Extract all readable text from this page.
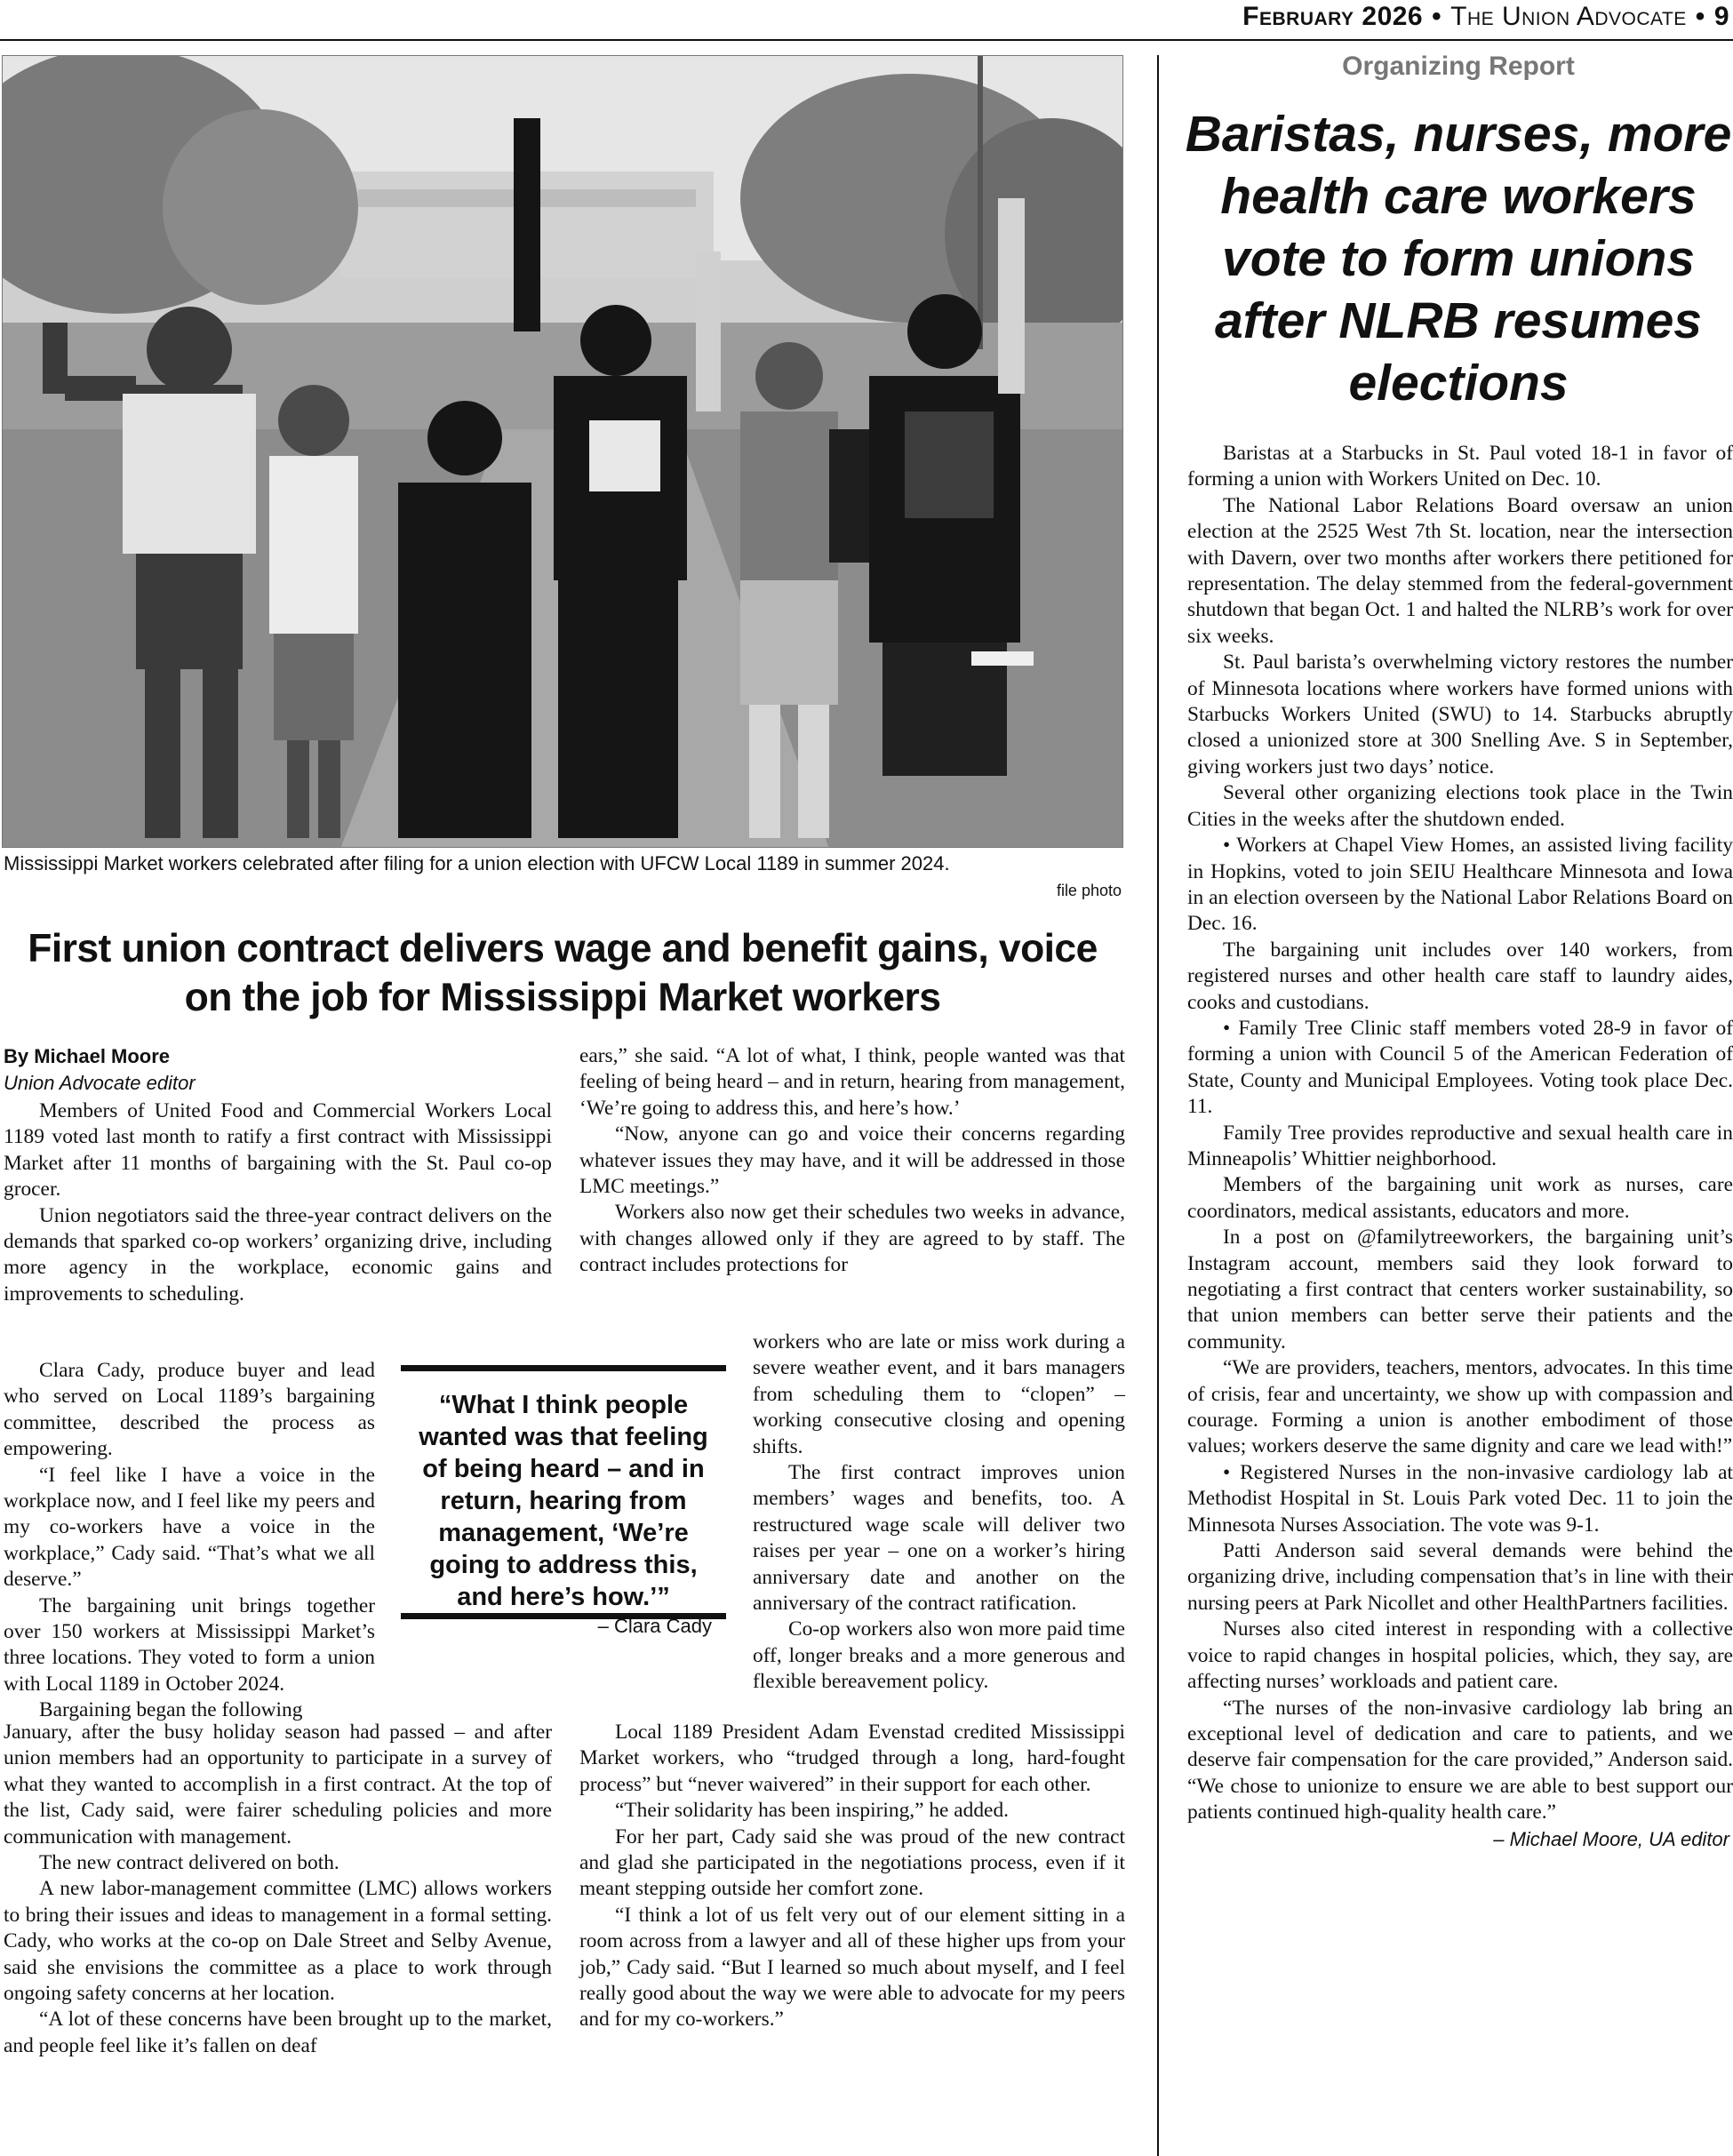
February 2026 • The Union Advocate • 9
Mississippi Market workers celebrated after filing for a union election with UFCW Local 1189 in summer 2024.
file photo
First union contract delivers wage and benefit gains, voice on the job for Mississippi Market workers
By Michael Moore
Union Advocate editor

Members of United Food and Commercial Workers Local 1189 voted last month to ratify a first contract with Mississippi Market after 11 months of bargaining with the St. Paul co-op grocer.

Union negotiators said the three-year contract delivers on the demands that sparked co-op workers’ organizing drive, including more agency in the workplace, economic gains and improvements to scheduling.

Clara Cady, produce buyer and lead who served on Local 1189’s bargaining committee, described the process as empowering.

“I feel like I have a voice in the workplace now, and I feel like my peers and my co-workers have a voice in the workplace,” Cady said. “That’s what we all deserve.”

The bargaining unit brings together over 150 workers at Mississippi Market’s three locations. They voted to form a union with Local 1189 in October 2024.

Bargaining began the following

January, after the busy holiday season had passed – and after union members had an opportunity to participate in a survey of what they wanted to accomplish in a first contract. At the top of the list, Cady said, were fairer scheduling policies and more communication with management.

The new contract delivered on both.

A new labor-management committee (LMC) allows workers to bring their issues and ideas to management in a formal setting. Cady, who works at the co-op on Dale Street and Selby Avenue, said she envisions the committee as a place to work through ongoing safety concerns at her location.

“A lot of these concerns have been brought up to the market, and people feel like it’s fallen on deaf

“What I think people wanted was that feeling of being heard – and in return, hearing from management, ‘We’re going to address this, and here’s how.’”
– Clara Cady

ears,” she said. “A lot of what, I think, people wanted was that feeling of being heard – and in return, hearing from management, ‘We’re going to address this, and here’s how.’

“Now, anyone can go and voice their concerns regarding whatever issues they may have, and it will be addressed in those LMC meetings.”

Workers also now get their schedules two weeks in advance, with changes allowed only if they are agreed to by staff. The contract includes protections for

workers who are late or miss work during a severe weather event, and it bars managers from scheduling them to “clopen” – working consecutive closing and opening shifts.

The first contract improves union members’ wages and benefits, too. A restructured wage scale will deliver two raises per year – one on a worker’s hiring anniversary date and another on the anniversary of the contract ratification.

Co-op workers also won more paid time off, longer breaks and a more generous and flexible bereavement policy.

Local 1189 President Adam Evenstad credited Mississippi Market workers, who “trudged through a long, hard-fought process” but “never waivered” in their support for each other.

“Their solidarity has been inspiring,” he added.

For her part, Cady said she was proud of the new contract and glad she participated in the negotiations process, even if it meant stepping outside her comfort zone.

“I think a lot of us felt very out of our element sitting in a room across from a lawyer and all of these higher ups from your job,” Cady said. “But I learned so much about myself, and I feel really good about the way we were able to advocate for my peers and for my co-workers.”

Organizing Report
Baristas, nurses, more health care workers vote to form unions after NLRB resumes elections

Baristas at a Starbucks in St. Paul voted 18-1 in favor of forming a union with Workers United on Dec. 10.

The National Labor Relations Board oversaw an union election at the 2525 West 7th St. location, near the intersection with Davern, over two months after workers there petitioned for representation. The delay stemmed from the federal-government shutdown that began Oct. 1 and halted the NLRB’s work for over six weeks.

St. Paul barista’s overwhelming victory restores the number of Minnesota locations where workers have formed unions with Starbucks Workers United (SWU) to 14. Starbucks abruptly closed a unionized store at 300 Snelling Ave. S in September, giving workers just two days’ notice.

Several other organizing elections took place in the Twin Cities in the weeks after the shutdown ended.

• Workers at Chapel View Homes, an assisted living facility in Hopkins, voted to join SEIU Healthcare Minnesota and Iowa in an election overseen by the National Labor Relations Board on Dec. 16.

The bargaining unit includes over 140 workers, from registered nurses and other health care staff to laundry aides, cooks and custodians.

• Family Tree Clinic staff members voted 28-9 in favor of forming a union with Council 5 of the American Federation of State, County and Municipal Employees. Voting took place Dec. 11.

Family Tree provides reproductive and sexual health care in Minneapolis’ Whittier neighborhood.

Members of the bargaining unit work as nurses, care coordinators, medical assistants, educators and more.

In a post on @familytreeworkers, the bargaining unit’s Instagram account, members said they look forward to negotiating a first contract that centers worker sustainability, so that union members can better serve their patients and the community.

“We are providers, teachers, mentors, advocates. In this time of crisis, fear and uncertainty, we show up with compassion and courage. Forming a union is another embodiment of those values; workers deserve the same dignity and care we lead with!”

• Registered Nurses in the non-invasive cardiology lab at Methodist Hospital in St. Louis Park voted Dec. 11 to join the Minnesota Nurses Association. The vote was 9-1.

Patti Anderson said several demands were behind the organizing drive, including compensation that’s in line with their nursing peers at Park Nicollet and other HealthPartners facilities.

Nurses also cited interest in responding with a collective voice to rapid changes in hospital policies, which, they say, are affecting nurses’ workloads and patient care.

“The nurses of the non-invasive cardiology lab bring an exceptional level of dedication and care to patients, and we deserve fair compensation for the care provided,” Anderson said. “We chose to unionize to ensure we are able to best support our patients continued high-quality health care.”

– Michael Moore, UA editor
